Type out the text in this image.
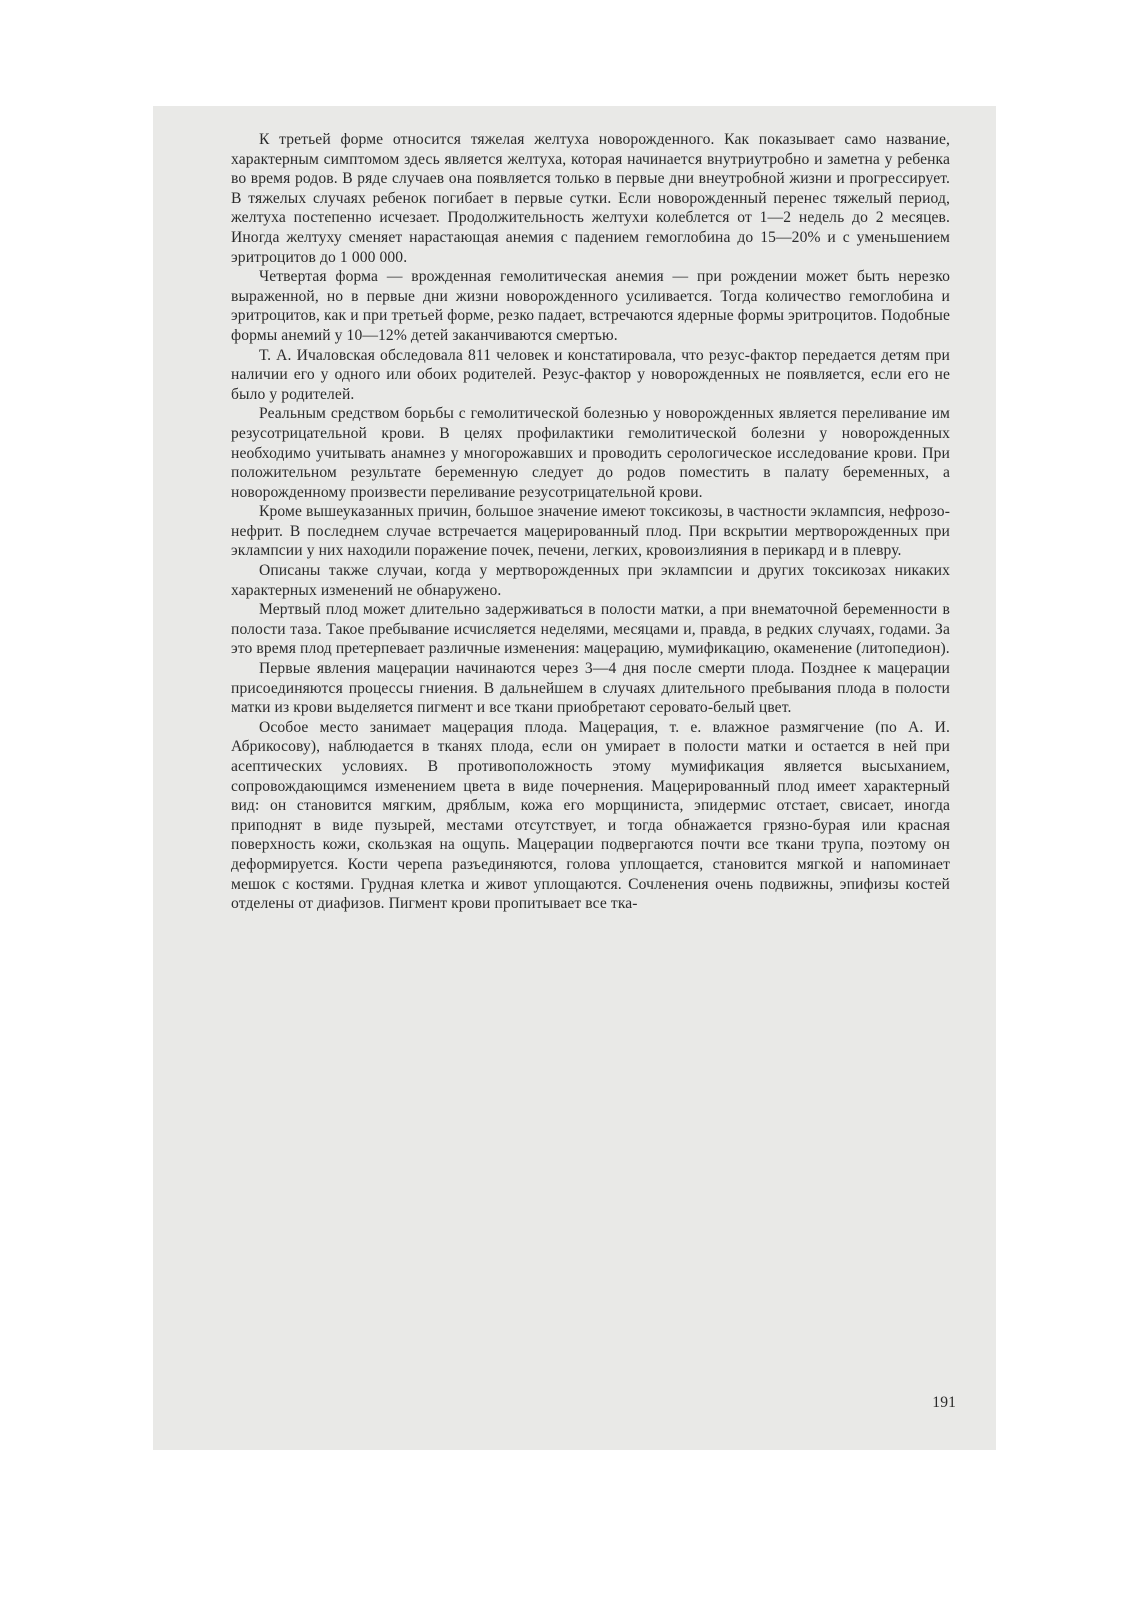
К третьей форме относится тяжелая желтуха новорожденного. Как показывает само название, характерным симптомом здесь является желтуха, которая начинается внутриутробно и заметна у ребенка во время родов. В ряде случаев она появляется только в первые дни внеутробной жизни и прогрессирует. В тяжелых случаях ребенок погибает в первые сутки. Если новорожденный перенес тяжелый период, желтуха постепенно исчезает. Продолжительность желтухи колеблется от 1—2 недель до 2 месяцев. Иногда желтуху сменяет нарастающая анемия с падением гемоглобина до 15—20% и с уменьшением эритроцитов до 1 000 000.

Четвертая форма — врожденная гемолитическая анемия — при рождении может быть нерезко выраженной, но в первые дни жизни новорожденного усиливается. Тогда количество гемоглобина и эритроцитов, как и при третьей форме, резко падает, встречаются ядерные формы эритроцитов. Подобные формы анемий у 10—12% детей заканчиваются смертью.

Т. А. Ичаловская обследовала 811 человек и констатировала, что резус-фактор передается детям при наличии его у одного или обоих родителей. Резус-фактор у новорожденных не появляется, если его не было у родителей.

Реальным средством борьбы с гемолитической болезнью у новорожденных является переливание им резусотрицательной крови. В целях профилактики гемолитической болезни у новорожденных необходимо учитывать анамнез у многорожавших и проводить серологическое исследование крови. При положительном результате беременную следует до родов поместить в палату беременных, а новорожденному произвести переливание резусотрицательной крови.

Кроме вышеуказанных причин, большое значение имеют токсикозы, в частности эклампсия, нефрозо-нефрит. В последнем случае встречается мацерированный плод. При вскрытии мертворожденных при эклампсии у них находили поражение почек, печени, легких, кровоизлияния в перикард и в плевру.

Описаны также случаи, когда у мертворожденных при эклампсии и других токсикозах никаких характерных изменений не обнаружено.

Мертвый плод может длительно задерживаться в полости матки, а при внематочной беременности в полости таза. Такое пребывание исчисляется неделями, месяцами и, правда, в редких случаях, годами. За это время плод претерпевает различные изменения: мацерацию, мумификацию, окаменение (литопедион).

Первые явления мацерации начинаются через 3—4 дня после смерти плода. Позднее к мацерации присоединяются процессы гниения. В дальнейшем в случаях длительного пребывания плода в полости матки из крови выделяется пигмент и все ткани приобретают серовато-белый цвет.

Особое место занимает мацерация плода. Мацерация, т. е. влажное размягчение (по А. И. Абрикосову), наблюдается в тканях плода, если он умирает в полости матки и остается в ней при асептических условиях. В противоположность этому мумификация является высыханием, сопровождающимся изменением цвета в виде почернения. Мацерированный плод имеет характерный вид: он становится мягким, дряблым, кожа его морщиниста, эпидермис отстает, свисает, иногда приподнят в виде пузырей, местами отсутствует, и тогда обнажается грязно-бурая или красная поверхность кожи, скользкая на ощупь. Мацерации подвергаются почти все ткани трупа, поэтому он деформируется. Кости черепа разъединяются, голова уплощается, становится мягкой и напоминает мешок с костями. Грудная клетка и живот уплощаются. Сочленения очень подвижны, эпифизы костей отделены от диафизов. Пигмент крови пропитывает все тка-

191
